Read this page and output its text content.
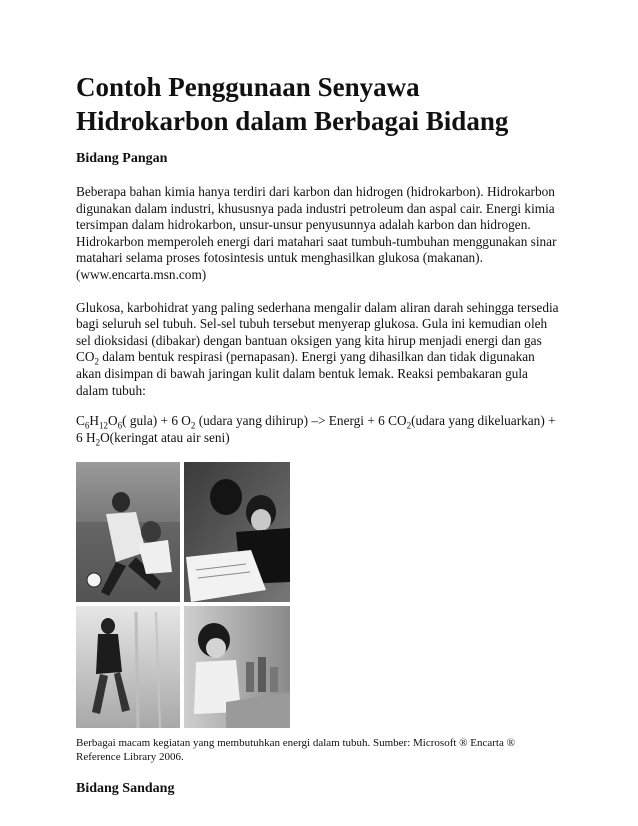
Contoh Penggunaan Senyawa Hidrokarbon dalam Berbagai Bidang
Bidang Pangan

Beberapa bahan kimia hanya terdiri dari karbon dan hidrogen (hidrokarbon). Hidrokarbon digunakan dalam industri, khususnya pada industri petroleum dan aspal cair. Energi kimia tersimpan dalam hidrokarbon, unsur-unsur penyusunnya adalah karbon dan hidrogen. Hidrokarbon memperoleh energi dari matahari saat tumbuh-tumbuhan menggunakan sinar matahari selama proses fotosintesis untuk menghasilkan glukosa (makanan). (www.encarta.msn.com)

Glukosa, karbohidrat yang paling sederhana mengalir dalam aliran darah sehingga tersedia bagi seluruh sel tubuh. Sel-sel tubuh tersebut menyerap glukosa. Gula ini kemudian oleh sel dioksidasi (dibakar) dengan bantuan oksigen yang kita hirup menjadi energi dan gas $CO_2$ dalam bentuk respirasi (pernapasan). Energi yang dihasilkan dan tidak digunakan akan disimpan di bawah jaringan kulit dalam bentuk lemak. Reaksi pembakaran gula dalam tubuh:

$C_6H_{12}O_6$( gula) + 6 $O_2$ (udara yang dihirup) –> Energi + 6 $CO_2(udara$ yang dikeluarkan) + 6 $H_2O(keringat$ atau air seni)

Berbagai macam kegiatan yang membutuhkan energi dalam tubuh. Sumber: Microsoft ® Encarta ® Reference Library 2006.

Bidang Sandang
